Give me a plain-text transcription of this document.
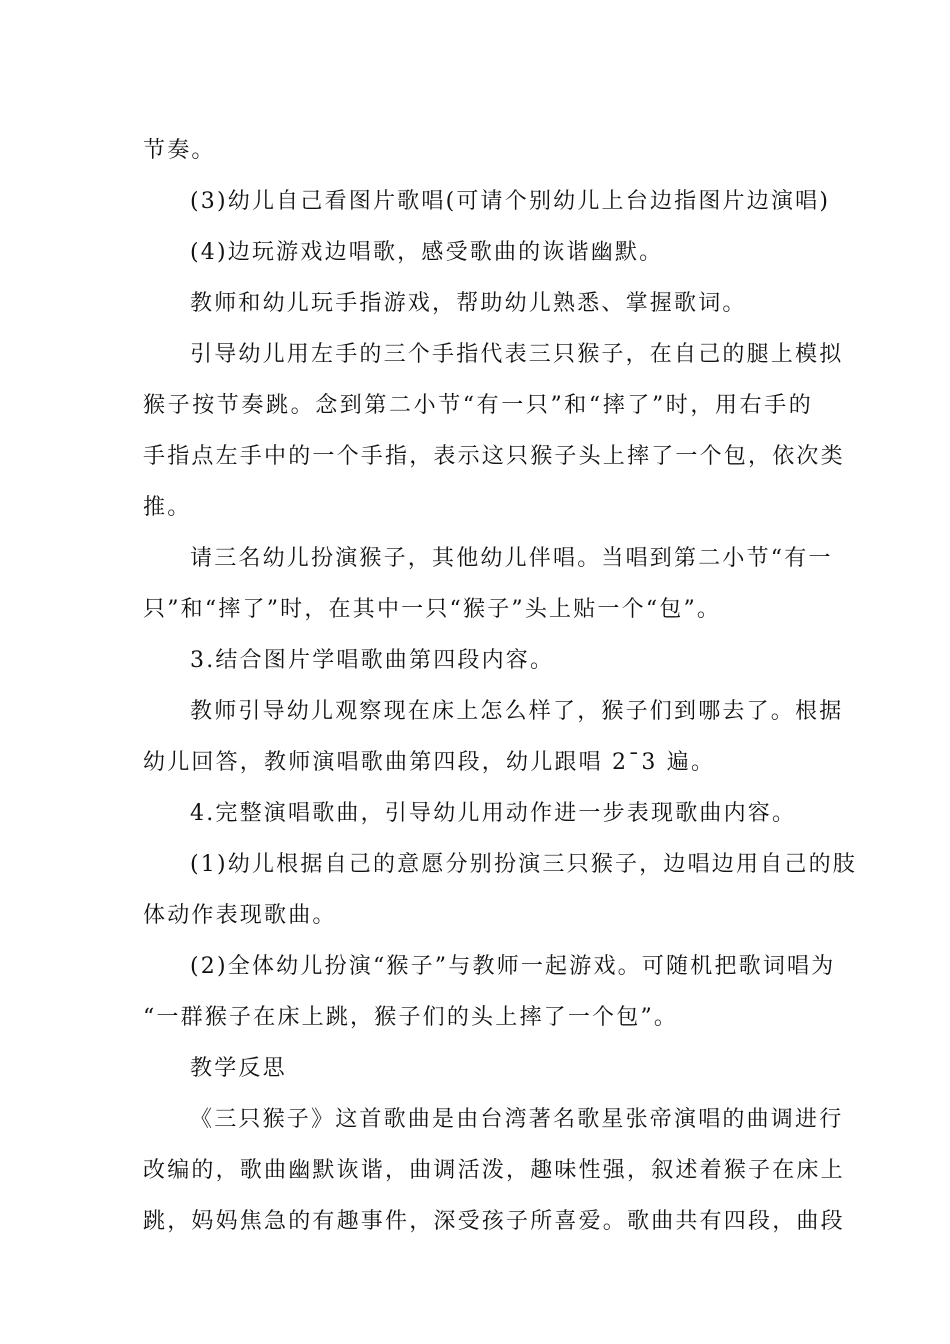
节奏。
(3)幼儿自己看图片歌唱(可请个别幼儿上台边指图片边演唱)
(4)边玩游戏边唱歌，感受歌曲的诙谐幽默。
教师和幼儿玩手指游戏，帮助幼儿熟悉、掌握歌词。
引导幼儿用左手的三个手指代表三只猴子，在自己的腿上模拟
猴子按节奏跳。念到第二小节“有一只”和“摔了”时，用右手的
手指点左手中的一个手指，表示这只猴子头上摔了一个包，依次类
推。
请三名幼儿扮演猴子，其他幼儿伴唱。当唱到第二小节“有一
只”和“摔了”时，在其中一只“猴子”头上贴一个“包”。
3.结合图片学唱歌曲第四段内容。
教师引导幼儿观察现在床上怎么样了，猴子们到哪去了。根据
幼儿回答，教师演唱歌曲第四段，幼儿跟唱 2ˉ3 遍。
4.完整演唱歌曲，引导幼儿用动作进一步表现歌曲内容。
(1)幼儿根据自己的意愿分别扮演三只猴子，边唱边用自己的肢
体动作表现歌曲。
(2)全体幼儿扮演“猴子”与教师一起游戏。可随机把歌词唱为
“一群猴子在床上跳，猴子们的头上摔了一个包”。
教学反思
《三只猴子》这首歌曲是由台湾著名歌星张帝演唱的曲调进行
改编的，歌曲幽默诙谐，曲调活泼，趣味性强，叙述着猴子在床上
跳，妈妈焦急的有趣事件，深受孩子所喜爱。歌曲共有四段，曲段
